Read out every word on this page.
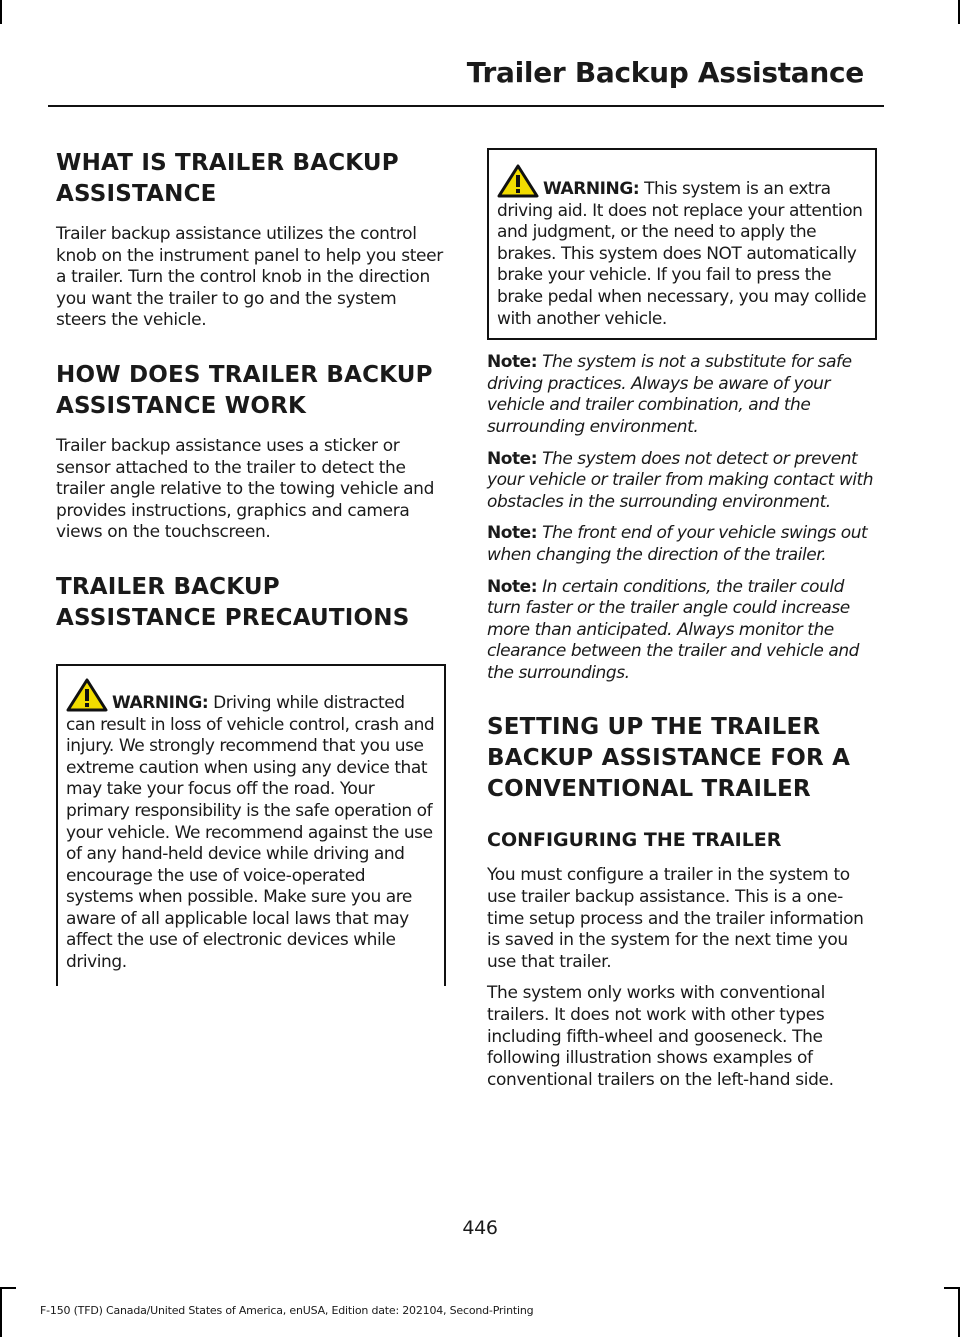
Trailer Backup Assistance
WHAT IS TRAILER BACKUP ASSISTANCE

Trailer backup assistance utilizes the control knob on the instrument panel to help you steer a trailer. Turn the control knob in the direction you want the trailer to go and the system steers the vehicle.

HOW DOES TRAILER BACKUP ASSISTANCE WORK

Trailer backup assistance uses a sticker or sensor attached to the trailer to detect the trailer angle relative to the towing vehicle and provides instructions, graphics and camera views on the touchscreen.

TRAILER BACKUP ASSISTANCE PRECAUTIONS

WARNING: Driving while distracted can result in loss of vehicle control, crash and injury. We strongly recommend that you use extreme caution when using any device that may take your focus off the road. Your primary responsibility is the safe operation of your vehicle. We recommend against the use of any hand-held device while driving and encourage the use of voice-operated systems when possible. Make sure you are aware of all applicable local laws that may affect the use of electronic devices while driving.

WARNING: This system is an extra driving aid. It does not replace your attention and judgment, or the need to apply the brakes. This system does NOT automatically brake your vehicle. If you fail to press the brake pedal when necessary, you may collide with another vehicle.

Note: The system is not a substitute for safe driving practices. Always be aware of your vehicle and trailer combination, and the surrounding environment.

Note: The system does not detect or prevent your vehicle or trailer from making contact with obstacles in the surrounding environment.

Note: The front end of your vehicle swings out when changing the direction of the trailer.

Note: In certain conditions, the trailer could turn faster or the trailer angle could increase more than anticipated. Always monitor the clearance between the trailer and vehicle and the surroundings.

SETTING UP THE TRAILER BACKUP ASSISTANCE FOR A CONVENTIONAL TRAILER
CONFIGURING THE TRAILER

You must configure a trailer in the system to use trailer backup assistance. This is a one-time setup process and the trailer information is saved in the system for the next time you use that trailer.

The system only works with conventional trailers. It does not work with other types including fifth-wheel and gooseneck. The following illustration shows examples of conventional trailers on the left-hand side.

446

F-150 (TFD) Canada/United States of America, enUSA, Edition date: 202104, Second-Printing
